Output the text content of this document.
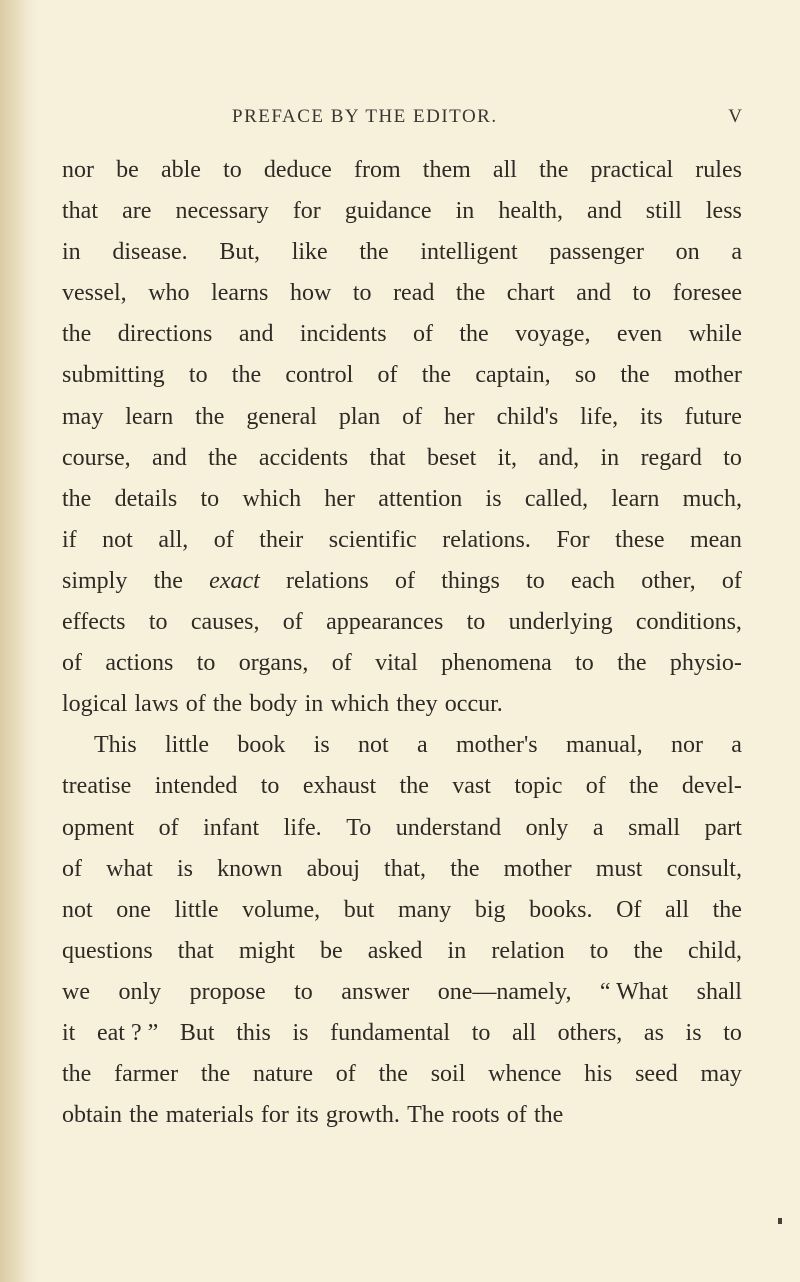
PREFACE BY THE EDITOR.	V
nor be able to deduce from them all the practical rules
that are necessary for guidance in health, and still less
in disease. But, like the intelligent passenger on a
vessel, who learns how to read the chart and to foresee
the directions and incidents of the voyage, even while
submitting to the control of the captain, so the mother
may learn the general plan of her child's life, its future
course, and the accidents that beset it, and, in regard to
the details to which her attention is called, learn much,
if not all, of their scientific relations. For these mean
simply the exact relations of things to each other, of
effects to causes, of appearances to underlying conditions,
of actions to organs, of vital phenomena to the physio-
logical laws of the body in which they occur.
This little book is not a mother's manual, nor a
treatise intended to exhaust the vast topic of the devel-
opment of infant life. To understand only a small part
of what is known abouj that, the mother must consult,
not one little volume, but many big books. Of all the
questions that might be asked in relation to the child,
we only propose to answer one—namely, “ What shall
it eat ? ” But this is fundamental to all others, as is to
the farmer the nature of the soil whence his seed may
obtain the materials for its growth. The roots of the
